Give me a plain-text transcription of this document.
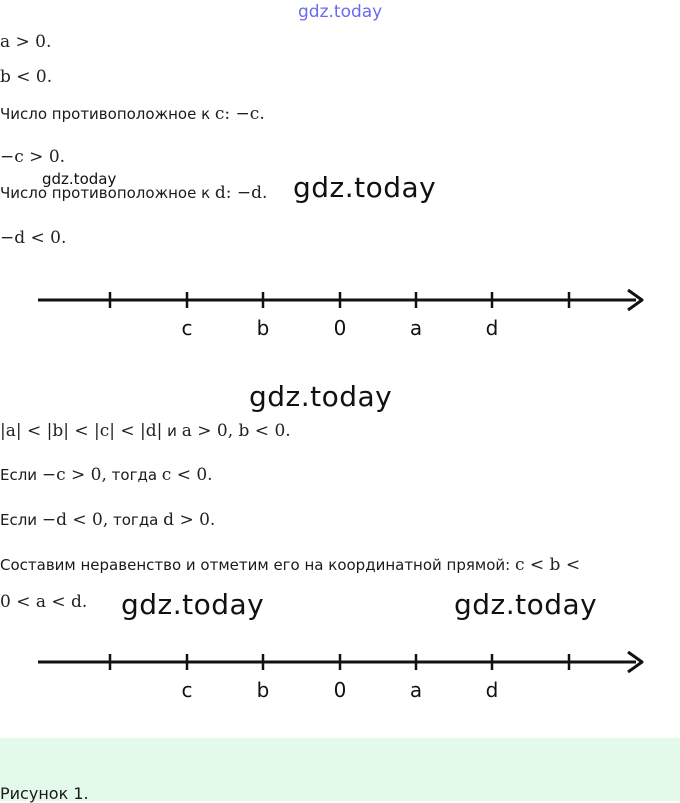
gdz.today
a > 0.
b < 0.
Число противоположное к c: −c.
−c > 0.
gdz.today
Число противоположное к d: −d. gdz.today
−d < 0.
c	b	0	a	d
gdz.today
|a| < |b| < |c| < |d| и a > 0, b < 0.
Если −c > 0, тогда c < 0.
Если −d < 0, тогда d > 0.
Составим неравенство и отметим его на координатной прямой: c < b <
0 < a < d. gdz.today	gdz.today
c	b	0	a	d
Рисунок 1.
